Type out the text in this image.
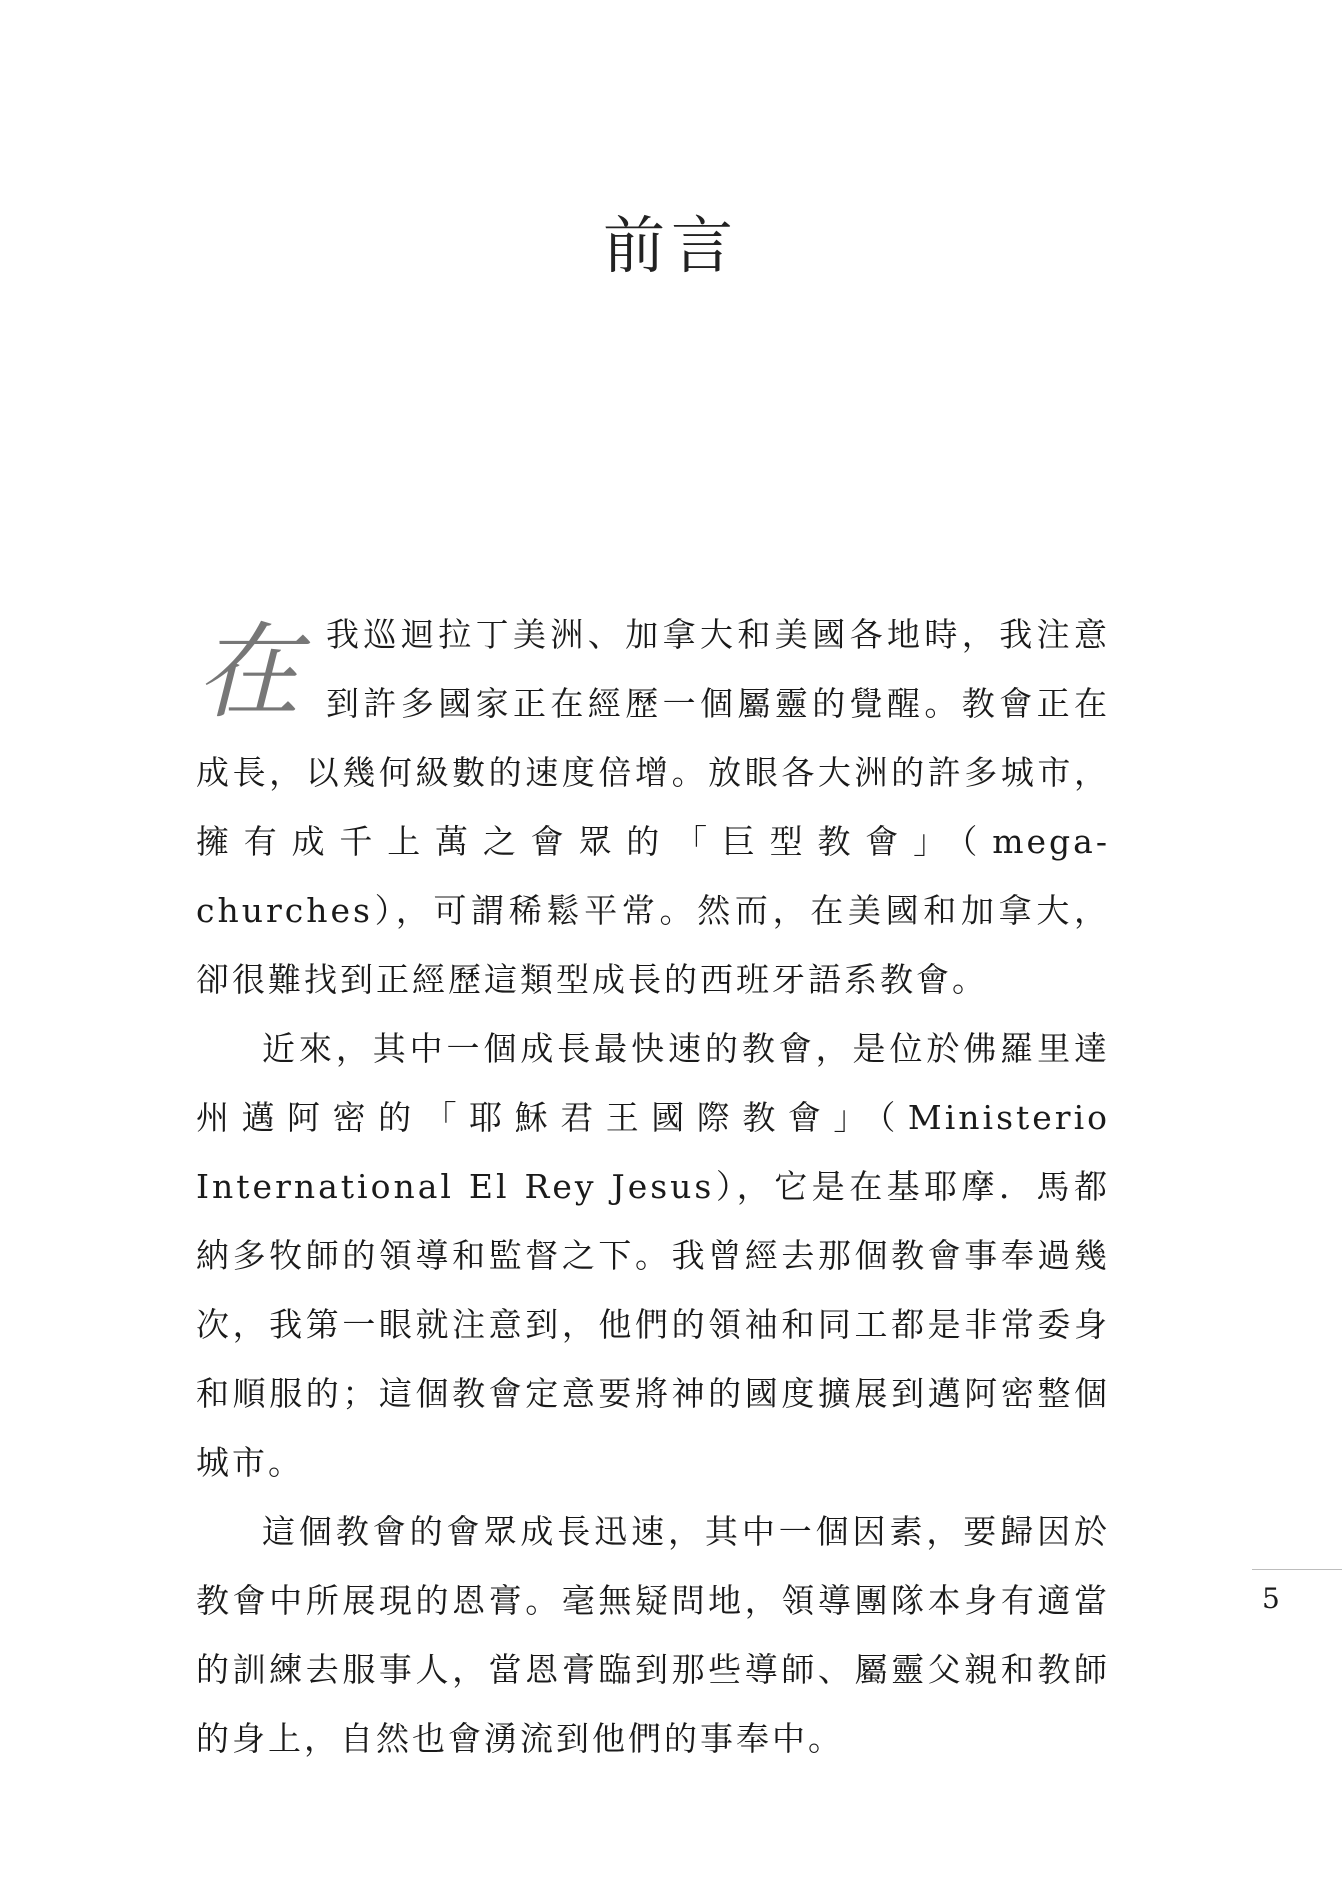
前言

在我巡迴拉丁美洲、加拿大和美國各地時，我注意到許多國家正在經歷一個屬靈的覺醒。教會正在成長，以幾何級數的速度倍增。放眼各大洲的許多城市，擁有成千上萬之會眾的「巨型教會」（mega-churches），可謂稀鬆平常。然而，在美國和加拿大，卻很難找到正經歷這類型成長的西班牙語系教會。

近來，其中一個成長最快速的教會，是位於佛羅里達州邁阿密的「耶穌君王國際教會」（Ministerio International El Rey Jesus），它是在基耶摩．馬都納多牧師的領導和監督之下。我曾經去那個教會事奉過幾次，我第一眼就注意到，他們的領袖和同工都是非常委身和順服的；這個教會定意要將神的國度擴展到邁阿密整個城市。

這個教會的會眾成長迅速，其中一個因素，要歸因於教會中所展現的恩膏。毫無疑問地，領導團隊本身有適當的訓練去服事人，當恩膏臨到那些導師、屬靈父親和教師的身上，自然也會湧流到他們的事奉中。

5
